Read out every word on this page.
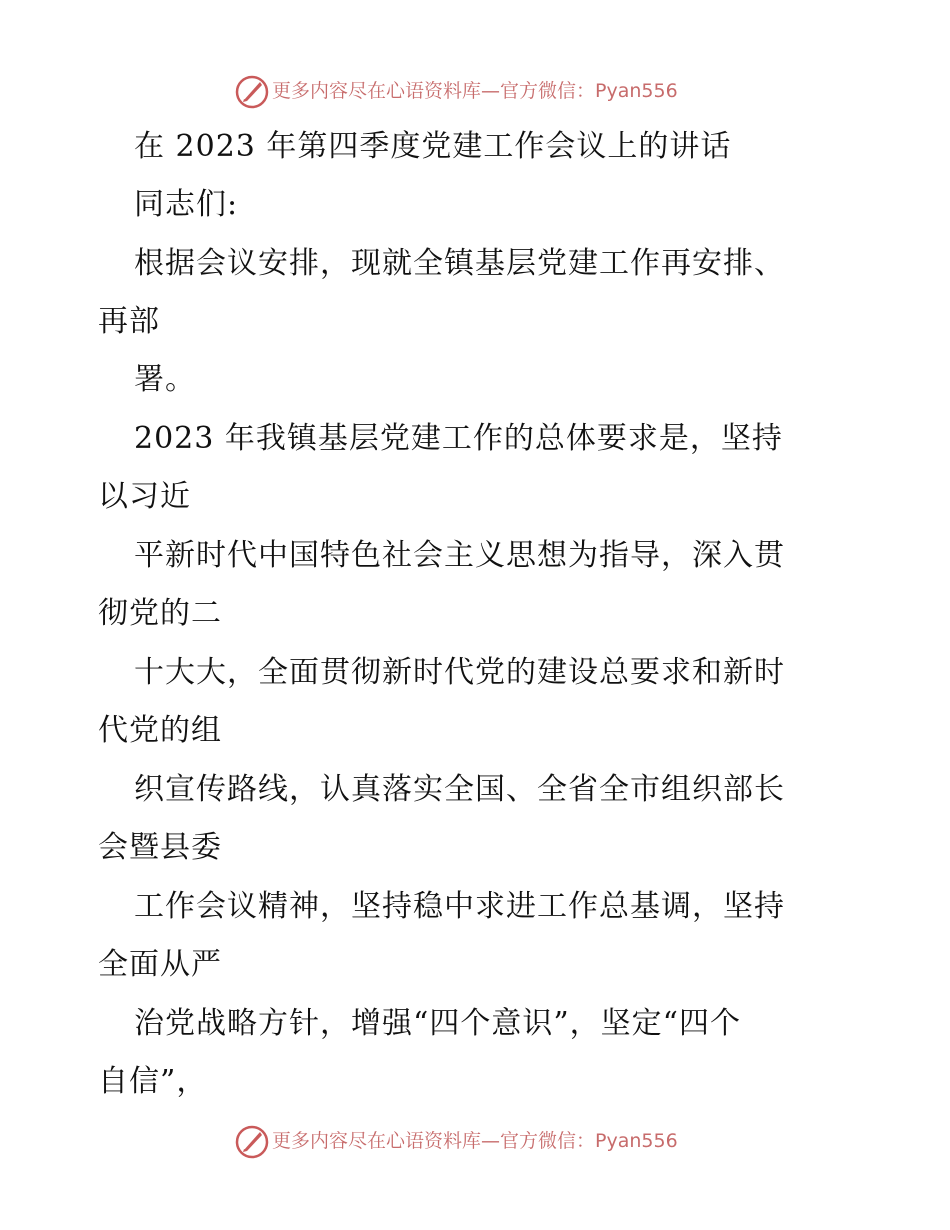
更多内容尽在心语资料库—官方微信：Pyan556
在 2023 年第四季度党建工作会议上的讲话
同志们:
根据会议安排，现就全镇基层党建工作再安排、
再部
署。
2023 年我镇基层党建工作的总体要求是，坚持
以习近
平新时代中国特色社会主义思想为指导，深入贯
彻党的二
十大大，全面贯彻新时代党的建设总要求和新时
代党的组
织宣传路线，认真落实全国、全省全市组织部长
会暨县委
工作会议精神，坚持稳中求进工作总基调，坚持
全面从严
治党战略方针，增强“四个意识”，坚定“四个
自信”，
更多内容尽在心语资料库—官方微信：Pyan556
